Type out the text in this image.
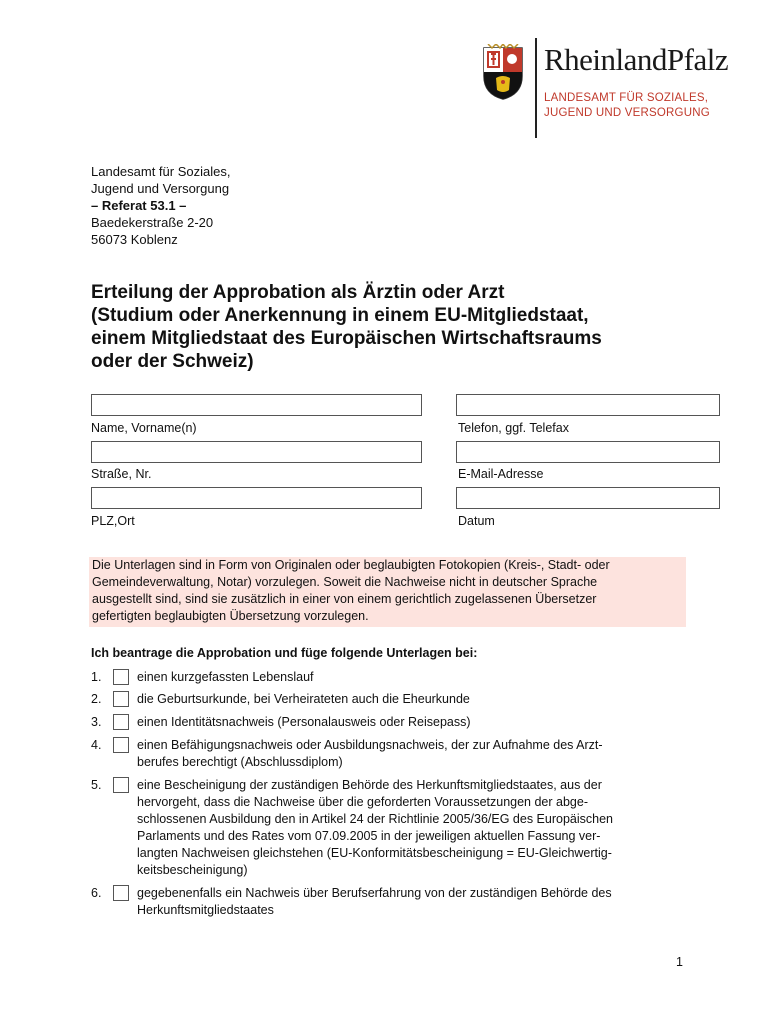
RheinlandPfalz
LANDESAMT FÜR SOZIALES,
JUGEND UND VERSORGUNG
Landesamt für Soziales,
Jugend und Versorgung
– Referat 53.1 –
Baedekerstraße 2-20
56073 Koblenz
Erteilung der Approbation als Ärztin oder Arzt
(Studium oder Anerkennung in einem EU-Mitgliedstaat,
einem Mitgliedstaat des Europäischen Wirtschaftsraums
oder der Schweiz)
Name, Vorname(n)	Telefon, ggf. Telefax
Straße, Nr.	E-Mail-Adresse
PLZ,Ort	Datum
Die Unterlagen sind in Form von Originalen oder beglaubigten Fotokopien (Kreis-, Stadt- oder
Gemeindeverwaltung, Notar) vorzulegen. Soweit die Nachweise nicht in deutscher Sprache
ausgestellt sind, sind sie zusätzlich in einer von einem gerichtlich zugelassenen Übersetzer
gefertigten beglaubigten Übersetzung vorzulegen.
Ich beantrage die Approbation und füge folgende Unterlagen bei:
1.	einen kurzgefassten Lebenslauf
2.	die Geburtsurkunde, bei Verheirateten auch die Eheurkunde
3.	einen Identitätsnachweis (Personalausweis oder Reisepass)
4.	einen Befähigungsnachweis oder Ausbildungsnachweis, der zur Aufnahme des Arzt-
berufes berechtigt (Abschlussdiplom)
5.	eine Bescheinigung der zuständigen Behörde des Herkunftsmitgliedstaates, aus der
hervorgeht, dass die Nachweise über die geforderten Voraussetzungen der abge-
schlossenen Ausbildung den in Artikel 24 der Richtlinie 2005/36/EG des Europäischen
Parlaments und des Rates vom 07.09.2005 in der jeweiligen aktuellen Fassung ver-
langten Nachweisen gleichstehen (EU-Konformitätsbescheinigung = EU-Gleichwertig-
keitsbescheinigung)
6.	gegebenenfalls ein Nachweis über Berufserfahrung von der zuständigen Behörde des
Herkunftsmitgliedstaates
1
